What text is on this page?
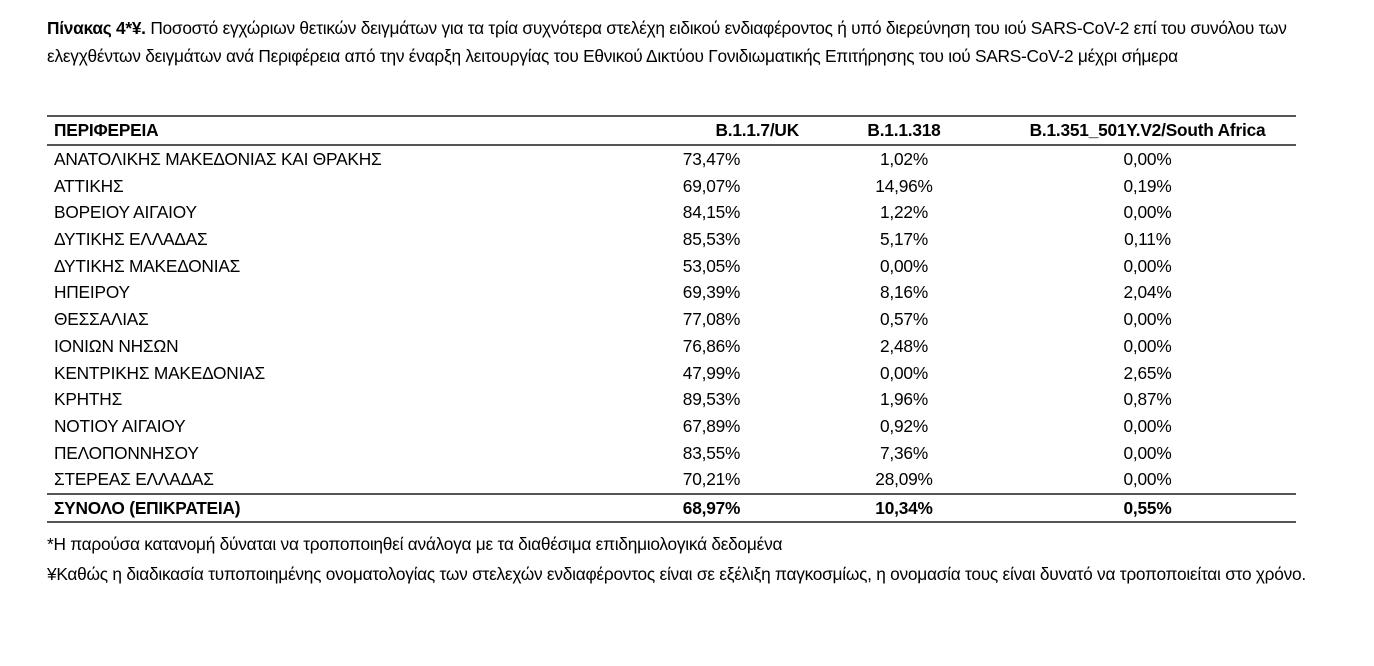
Πίνακας 4*¥. Ποσοστό εγχώριων θετικών δειγμάτων για τα τρία συχνότερα στελέχη ειδικού ενδιαφέροντος ή υπό διερεύνηση του ιού SARS-CoV-2 επί του συνόλου των ελεγχθέντων δειγμάτων ανά Περιφέρεια από την έναρξη λειτουργίας του Εθνικού Δικτύου Γονιδιωματικής Επιτήρησης του ιού SARS-CoV-2 μέχρι σήμερα
ΠΕΡΙΦΕΡΕΙΑ	B.1.1.7/UK	B.1.1.318	B.1.351_501Y.V2/South Africa
ΑΝΑΤΟΛΙΚΗΣ ΜΑΚΕΔΟΝΙΑΣ ΚΑΙ ΘΡΑΚΗΣ	73,47%	1,02%	0,00%
ΑΤΤΙΚΗΣ	69,07%	14,96%	0,19%
ΒΟΡΕΙΟΥ ΑΙΓΑΙΟΥ	84,15%	1,22%	0,00%
ΔΥΤΙΚΗΣ ΕΛΛΑΔΑΣ	85,53%	5,17%	0,11%
ΔΥΤΙΚΗΣ ΜΑΚΕΔΟΝΙΑΣ	53,05%	0,00%	0,00%
ΗΠΕΙΡΟΥ	69,39%	8,16%	2,04%
ΘΕΣΣΑΛΙΑΣ	77,08%	0,57%	0,00%
ΙΟΝΙΩΝ ΝΗΣΩΝ	76,86%	2,48%	0,00%
ΚΕΝΤΡΙΚΗΣ ΜΑΚΕΔΟΝΙΑΣ	47,99%	0,00%	2,65%
ΚΡΗΤΗΣ	89,53%	1,96%	0,87%
ΝΟΤΙΟΥ ΑΙΓΑΙΟΥ	67,89%	0,92%	0,00%
ΠΕΛΟΠΟΝΝΗΣΟΥ	83,55%	7,36%	0,00%
ΣΤΕΡΕΑΣ ΕΛΛΑΔΑΣ	70,21%	28,09%	0,00%
ΣΥΝΟΛΟ (ΕΠΙΚΡΑΤΕΙΑ)	68,97%	10,34%	0,55%

*Η παρούσα κατανομή δύναται να τροποποιηθεί ανάλογα με τα διαθέσιμα επιδημιολογικά δεδομένα

¥Καθώς η διαδικασία τυποποιημένης ονοματολογίας των στελεχών ενδιαφέροντος είναι σε εξέλιξη παγκοσμίως, η ονομασία τους είναι δυνατό να τροποποιείται στο χρόνο.
